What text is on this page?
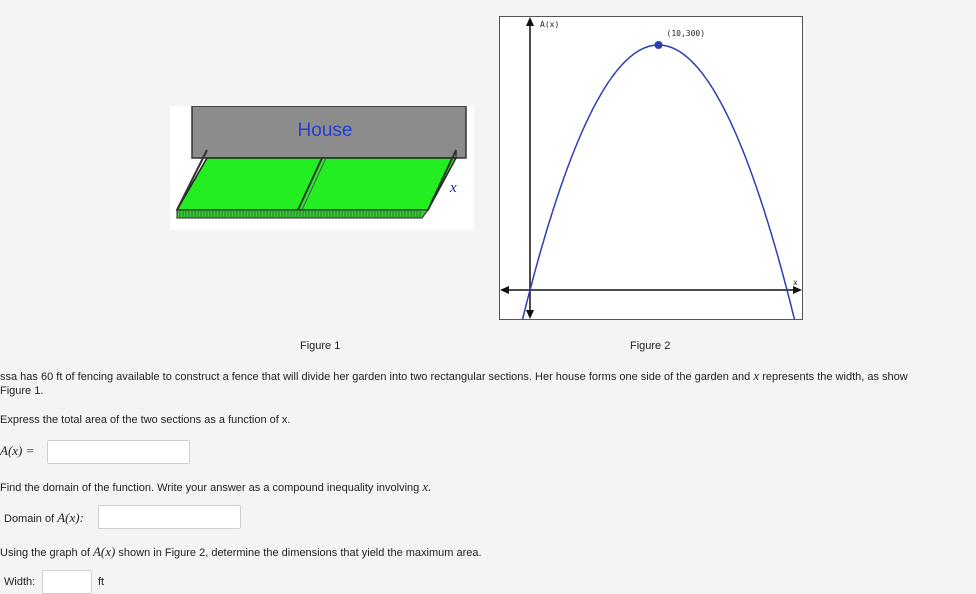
House
x
A(x)
x
(10,300)
Figure 1	Figure 2
ssa has 60 ft of fencing available to construct a fence that will divide her garden into two rectangular sections. Her house forms one side of the garden and x represents the width, as show
Figure 1.
Express the total area of the two sections as a function of x.
A(x) =
Find the domain of the function. Write your answer as a compound inequality involving x.
Domain of A(x):
Using the graph of A(x) shown in Figure 2, determine the dimensions that yield the maximum area.
Width:	ft
